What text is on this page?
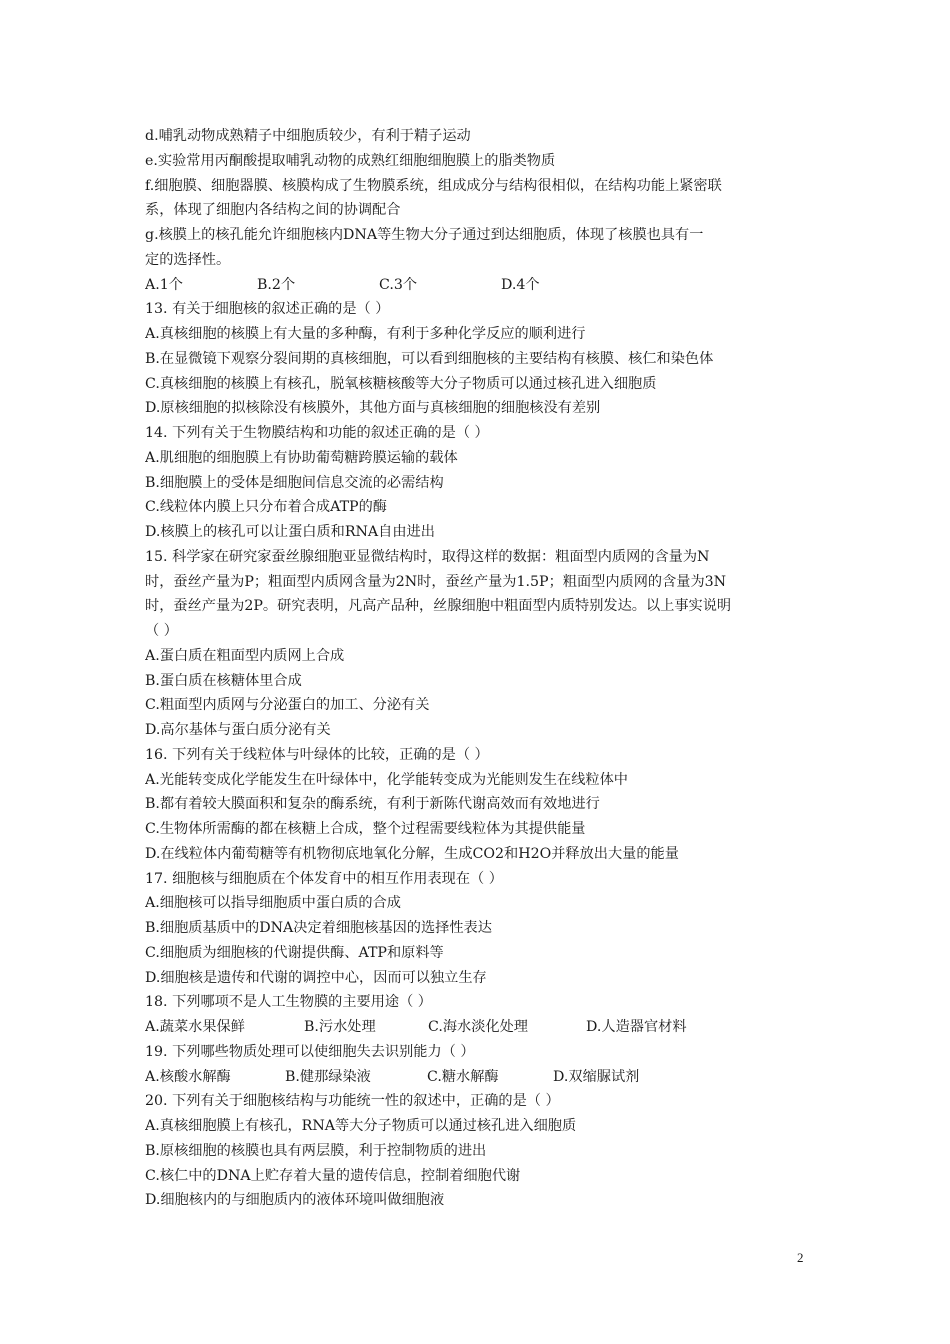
d.哺乳动物成熟精子中细胞质较少，有利于精子运动
e.实验常用丙酮酸提取哺乳动物的成熟红细胞细胞膜上的脂类物质
f.细胞膜、细胞器膜、核膜构成了生物膜系统，组成成分与结构很相似，在结构功能上紧密联
系，体现了细胞内各结构之间的协调配合
g.核膜上的核孔能允许细胞核内DNA等生物大分子通过到达细胞质，体现了核膜也具有一
定的选择性。
A.1个	B.2个	C.3个	D.4个
13. 有关于细胞核的叙述正确的是（ ）
A.真核细胞的核膜上有大量的多种酶，有利于多种化学反应的顺利进行
B.在显微镜下观察分裂间期的真核细胞，可以看到细胞核的主要结构有核膜、核仁和染色体
C.真核细胞的核膜上有核孔，脱氧核糖核酸等大分子物质可以通过核孔进入细胞质
D.原核细胞的拟核除没有核膜外，其他方面与真核细胞的细胞核没有差别
14. 下列有关于生物膜结构和功能的叙述正确的是（ ）
A.肌细胞的细胞膜上有协助葡萄糖跨膜运输的载体
B.细胞膜上的受体是细胞间信息交流的必需结构
C.线粒体内膜上只分布着合成ATP的酶
D.核膜上的核孔可以让蛋白质和RNA自由进出
15. 科学家在研究家蚕丝腺细胞亚显微结构时，取得这样的数据：粗面型内质网的含量为N
时，蚕丝产量为P；粗面型内质网含量为2N时，蚕丝产量为1.5P；粗面型内质网的含量为3N
时，蚕丝产量为2P。研究表明，凡高产品种，丝腺细胞中粗面型内质特别发达。以上事实说明
（ ）
A.蛋白质在粗面型内质网上合成
B.蛋白质在核糖体里合成
C.粗面型内质网与分泌蛋白的加工、分泌有关
D.高尔基体与蛋白质分泌有关
16. 下列有关于线粒体与叶绿体的比较，正确的是（ ）
A.光能转变成化学能发生在叶绿体中，化学能转变成为光能则发生在线粒体中
B.都有着较大膜面积和复杂的酶系统，有利于新陈代谢高效而有效地进行
C.生物体所需酶的都在核糖上合成，整个过程需要线粒体为其提供能量
D.在线粒体内葡萄糖等有机物彻底地氧化分解，生成CO2和H2O并释放出大量的能量
17. 细胞核与细胞质在个体发育中的相互作用表现在（ ）
A.细胞核可以指导细胞质中蛋白质的合成
B.细胞质基质中的DNA决定着细胞核基因的选择性表达
C.细胞质为细胞核的代谢提供酶、ATP和原料等
D.细胞核是遗传和代谢的调控中心，因而可以独立生存
18. 下列哪项不是人工生物膜的主要用途（ ）
A.蔬菜水果保鲜	B.污水处理	C.海水淡化处理	D.人造器官材料
19. 下列哪些物质处理可以使细胞失去识别能力（ ）
A.核酸水解酶	B.健那绿染液	C.糖水解酶	D.双缩脲试剂
20. 下列有关于细胞核结构与功能统一性的叙述中，正确的是（ ）
A.真核细胞膜上有核孔，RNA等大分子物质可以通过核孔进入细胞质
B.原核细胞的核膜也具有两层膜，利于控制物质的进出
C.核仁中的DNA上贮存着大量的遗传信息，控制着细胞代谢
D.细胞核内的与细胞质内的液体环境叫做细胞液
2
